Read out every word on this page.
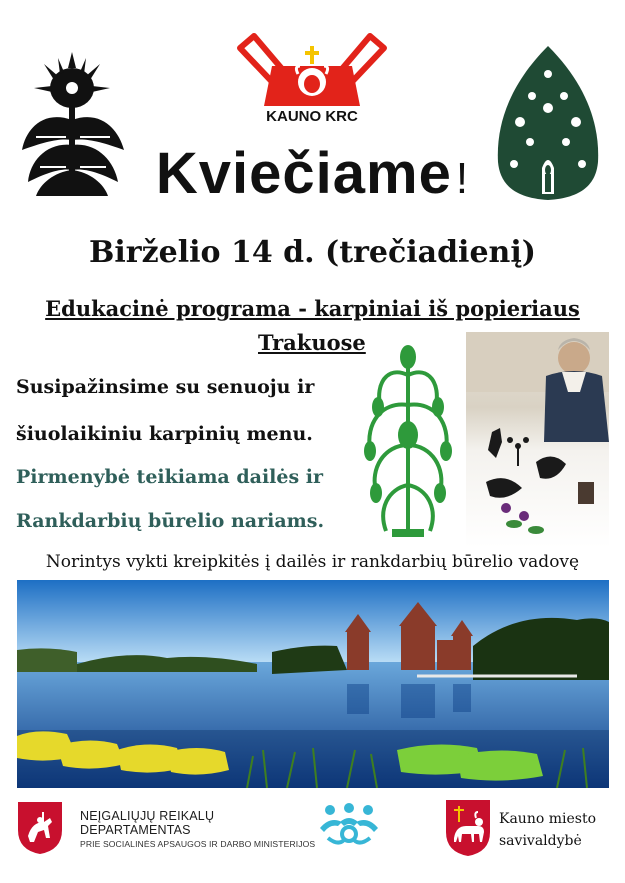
KAUNO KRC
Kviečiame!
Birželio 14 d. (trečiadienį)
Edukacinė programa - karpiniai iš popieriaus
Trakuose
Susipažinsime su senuoju ir
šiuolaikiniu karpinių menu.
Pirmenybė teikiama dailės ir
Rankdarbių būrelio nariams.
Norintys vykti kreipkitės į dailės ir rankdarbių būrelio vadovę
NEĮGALIŲJŲ REIKALŲ DEPARTAMENTAS
PRIE SOCIALINĖS APSAUGOS IR DARBO MINISTERIJOS
Kauno miesto
savivaldybė
